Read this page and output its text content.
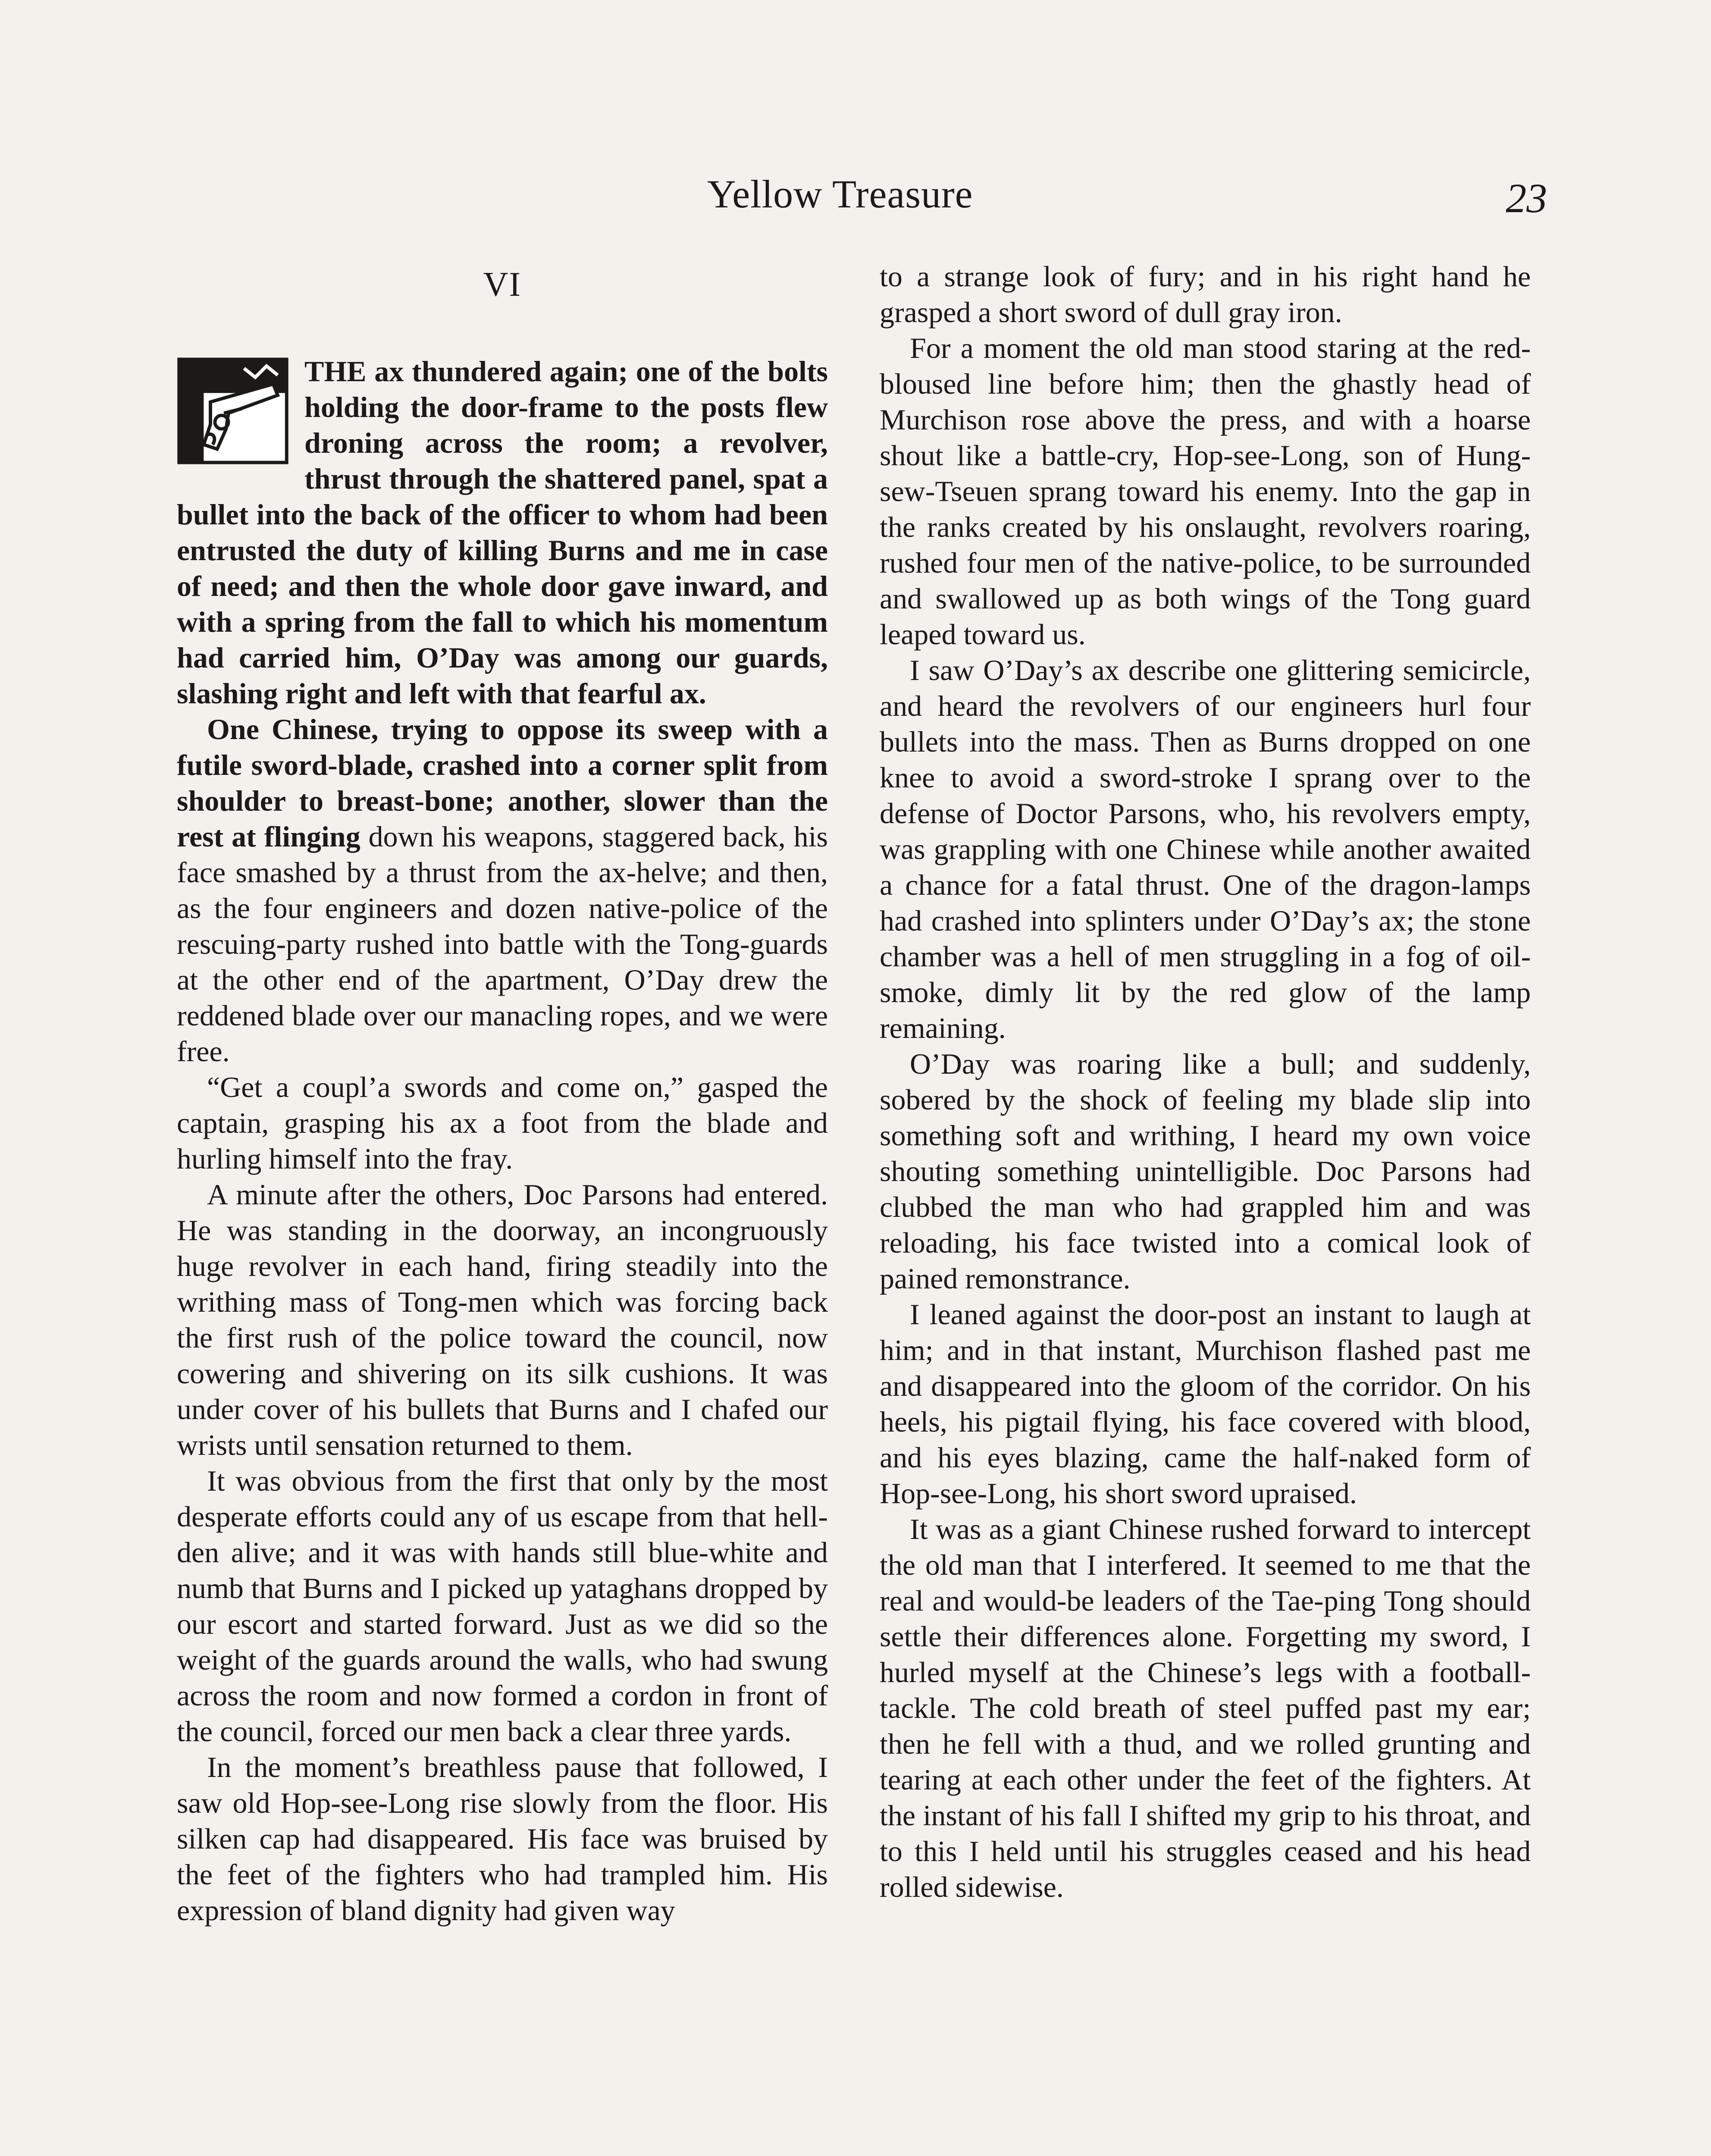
Yellow Treasure	23
VI

THE ax thundered again; one of the bolts holding the door-frame to the posts flew droning across the room; a revolver, thrust through the shattered panel, spat a bullet into the back of the officer to whom had been entrusted the duty of killing Burns and me in case of need; and then the whole door gave inward, and with a spring from the fall to which his momentum had carried him, O’Day was among our guards, slashing right and left with that fearful ax.

One Chinese, trying to oppose its sweep with a futile sword-blade, crashed into a corner split from shoulder to breast-bone; another, slower than the rest at flinging down his weapons, staggered back, his face smashed by a thrust from the ax-helve; and then, as the four engineers and dozen native-police of the rescuing-party rushed into battle with the Tong-guards at the other end of the apartment, O’Day drew the reddened blade over our manacling ropes, and we were free.

“Get a coupl’a swords and come on,” gasped the captain, grasping his ax a foot from the blade and hurling himself into the fray.

A minute after the others, Doc Parsons had entered. He was standing in the doorway, an incongruously huge revolver in each hand, firing steadily into the writhing mass of Tong-men which was forcing back the first rush of the police toward the council, now cowering and shivering on its silk cushions. It was under cover of his bullets that Burns and I chafed our wrists until sensation returned to them.

It was obvious from the first that only by the most desperate efforts could any of us escape from that hell-den alive; and it was with hands still blue-white and numb that Burns and I picked up yataghans dropped by our escort and started forward. Just as we did so the weight of the guards around the walls, who had swung across the room and now formed a cordon in front of the council, forced our men back a clear three yards.

In the moment’s breathless pause that followed, I saw old Hop-see-Long rise slowly from the floor. His silken cap had disappeared. His face was bruised by the feet of the fighters who had trampled him. His expression of bland dignity had given way

to a strange look of fury; and in his right hand he grasped a short sword of dull gray iron.

For a moment the old man stood staring at the red-bloused line before him; then the ghastly head of Murchison rose above the press, and with a hoarse shout like a battle-cry, Hop-see-Long, son of Hung-sew-Tseuen sprang toward his enemy. Into the gap in the ranks created by his onslaught, revolvers roaring, rushed four men of the native-police, to be surrounded and swallowed up as both wings of the Tong guard leaped toward us.

I saw O’Day’s ax describe one glittering semicircle, and heard the revolvers of our engineers hurl four bullets into the mass. Then as Burns dropped on one knee to avoid a sword-stroke I sprang over to the defense of Doctor Parsons, who, his revolvers empty, was grappling with one Chinese while another awaited a chance for a fatal thrust. One of the dragon-lamps had crashed into splinters under O’Day’s ax; the stone chamber was a hell of men struggling in a fog of oil-smoke, dimly lit by the red glow of the lamp remaining.

O’Day was roaring like a bull; and suddenly, sobered by the shock of feeling my blade slip into something soft and writhing, I heard my own voice shouting something unintelligible. Doc Parsons had clubbed the man who had grappled him and was reloading, his face twisted into a comical look of pained remonstrance.

I leaned against the door-post an instant to laugh at him; and in that instant, Murchison flashed past me and disappeared into the gloom of the corridor. On his heels, his pigtail flying, his face covered with blood, and his eyes blazing, came the half-naked form of Hop-see-Long, his short sword upraised.

It was as a giant Chinese rushed forward to intercept the old man that I interfered. It seemed to me that the real and would-be leaders of the Tae-ping Tong should settle their differences alone. Forgetting my sword, I hurled myself at the Chinese’s legs with a football-tackle. The cold breath of steel puffed past my ear; then he fell with a thud, and we rolled grunting and tearing at each other under the feet of the fighters. At the instant of his fall I shifted my grip to his throat, and to this I held until his struggles ceased and his head rolled sidewise.
